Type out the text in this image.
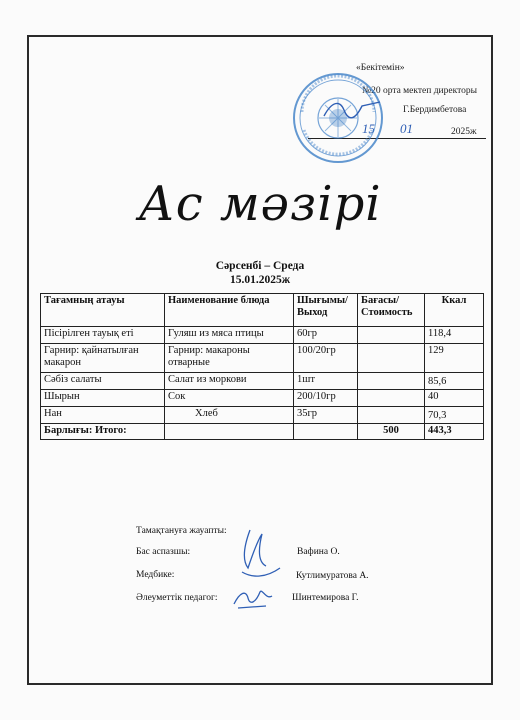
«Бекітемін»
№20 орта мектеп директоры
Г.Бердимбетова
15 01	2025ж
Ас мәзірі
Сәрсенбі – Среда
15.01.2025ж
Тағамның атауы	Наименование блюда	Шығымы/ Выход	Бағасы/ Стоимость	Ккал
Пісірілген тауық еті	Гуляш из мяса птицы	60гр		118,4
Гарнир: қайнатылған макарон	Гарнир: макароны отварные	100/20гр		129
Сәбіз салаты	Салат из моркови	1шт		85,6
Шырын	Сок	200/10гр		40
Нан	Хлеб	35гр		70,3
Барлығы: Итого:			500	443,3
Тамақтануға жауапты:
Бас аспазшы:	Вафина О.
Медбике:	Кутлимуратова А.
Әлеуметтік педагог:	Шинтемирова Г.
